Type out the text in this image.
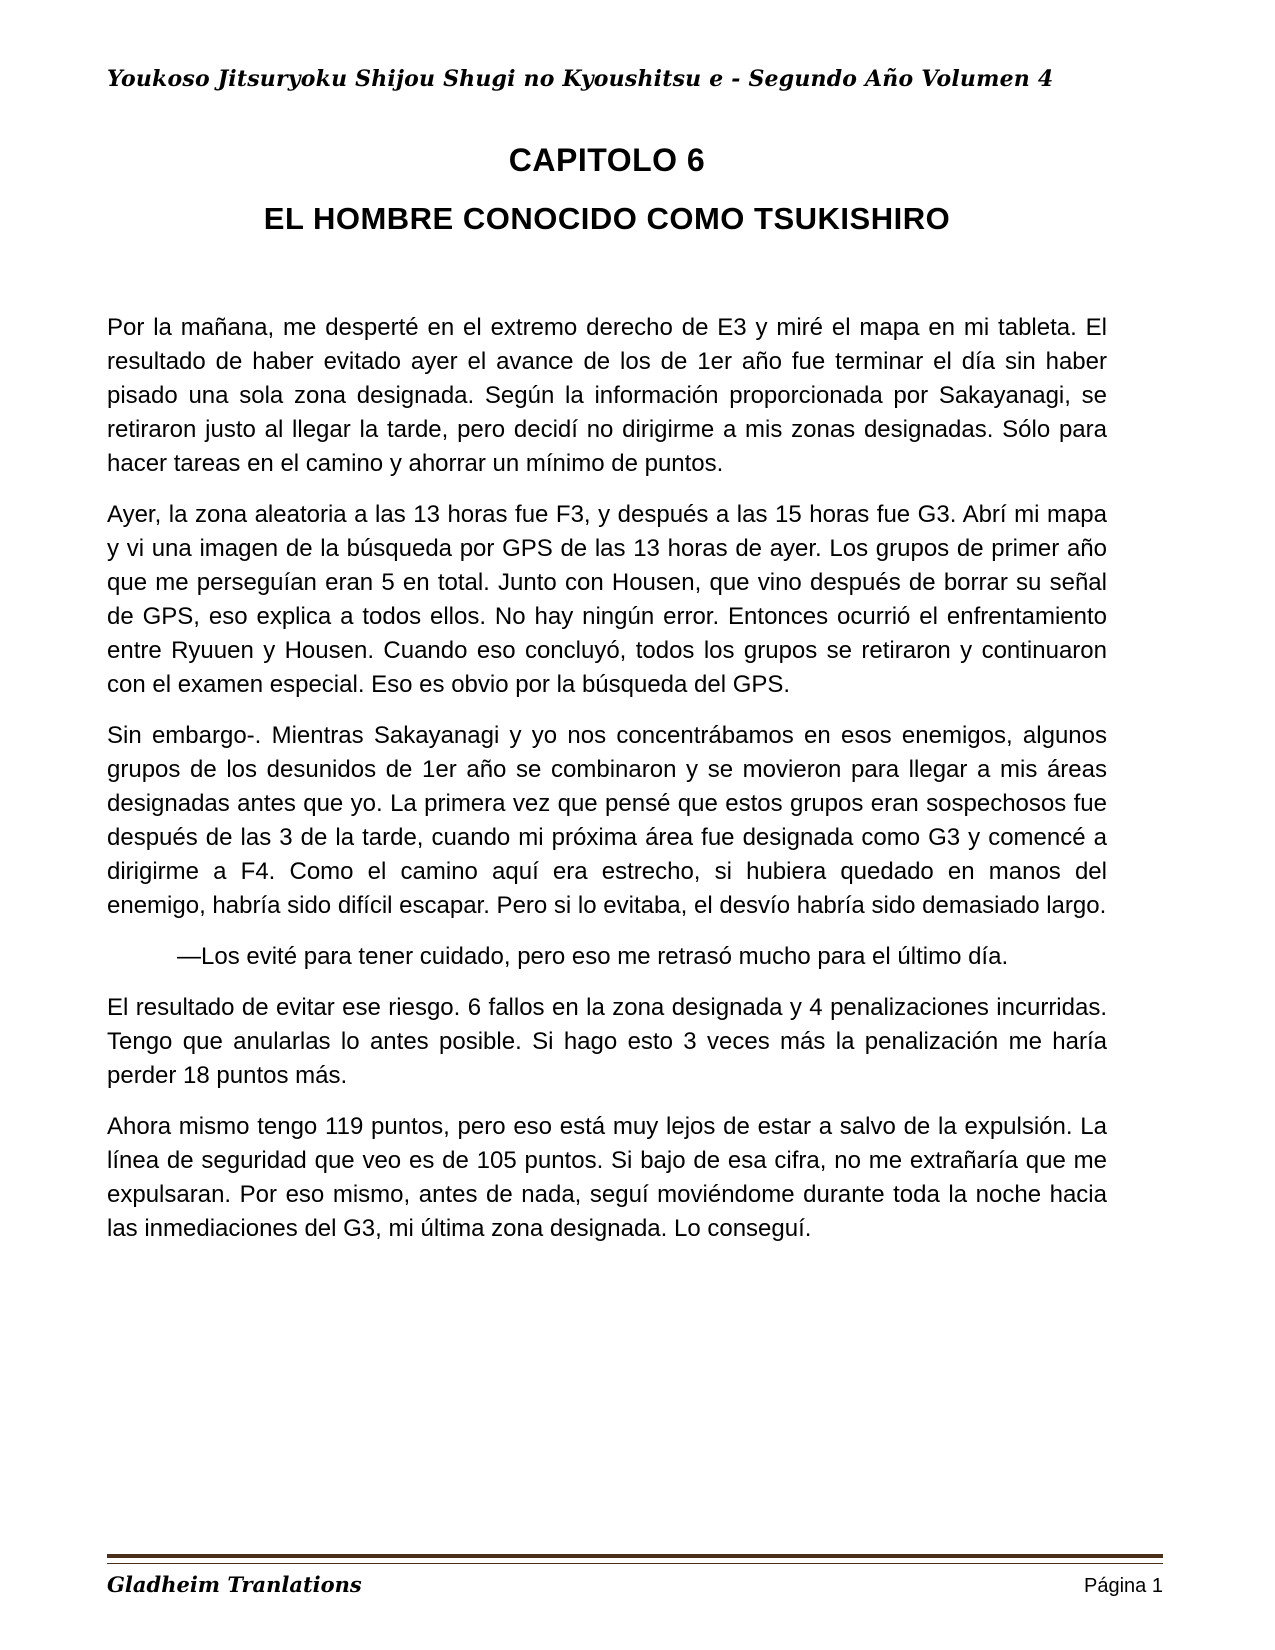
Youkoso Jitsuryoku Shijou Shugi no Kyoushitsu e - Segundo Año Volumen 4
CAPITOLO 6
EL HOMBRE CONOCIDO COMO TSUKISHIRO

Por la mañana, me desperté en el extremo derecho de E3 y miré el mapa en mi tableta. El resultado de haber evitado ayer el avance de los de 1er año fue terminar el día sin haber pisado una sola zona designada. Según la información proporcionada por Sakayanagi, se retiraron justo al llegar la tarde, pero decidí no dirigirme a mis zonas designadas. Sólo para hacer tareas en el camino y ahorrar un mínimo de puntos.

Ayer, la zona aleatoria a las 13 horas fue F3, y después a las 15 horas fue G3. Abrí mi mapa y vi una imagen de la búsqueda por GPS de las 13 horas de ayer. Los grupos de primer año que me perseguían eran 5 en total. Junto con Housen, que vino después de borrar su señal de GPS, eso explica a todos ellos. No hay ningún error. Entonces ocurrió el enfrentamiento entre Ryuuen y Housen. Cuando eso concluyó, todos los grupos se retiraron y continuaron con el examen especial. Eso es obvio por la búsqueda del GPS.

Sin embargo-. Mientras Sakayanagi y yo nos concentrábamos en esos enemigos, algunos grupos de los desunidos de 1er año se combinaron y se movieron para llegar a mis áreas designadas antes que yo. La primera vez que pensé que estos grupos eran sospechosos fue después de las 3 de la tarde, cuando mi próxima área fue designada como G3 y comencé a dirigirme a F4. Como el camino aquí era estrecho, si hubiera quedado en manos del enemigo, habría sido difícil escapar. Pero si lo evitaba, el desvío habría sido demasiado largo.

—Los evité para tener cuidado, pero eso me retrasó mucho para el último día.

El resultado de evitar ese riesgo. 6 fallos en la zona designada y 4 penalizaciones incurridas. Tengo que anularlas lo antes posible. Si hago esto 3 veces más la penalización me haría perder 18 puntos más.

Ahora mismo tengo 119 puntos, pero eso está muy lejos de estar a salvo de la expulsión. La línea de seguridad que veo es de 105 puntos. Si bajo de esa cifra, no me extrañaría que me expulsaran. Por eso mismo, antes de nada, seguí moviéndome durante toda la noche hacia las inmediaciones del G3, mi última zona designada. Lo conseguí.

Gladheim Tranlations	Página 1
